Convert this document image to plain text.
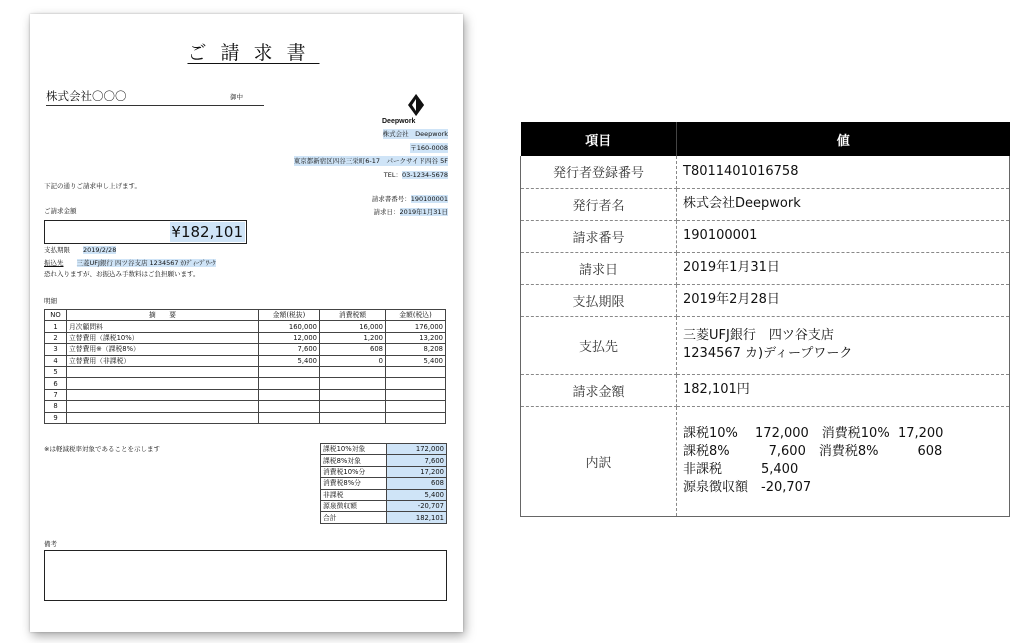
ご請求書
株式会社〇〇〇	御中
Deepwork
株式会社　Deepwork
〒160-0008
東京都新宿区四谷三栄町6-17　パークサイド四谷 5F
TEL：03-1234-5678
下記の通りご請求申し上げます。
請求書番号：190100001
請求日：2019年1月31日
ご請求金額
¥182,101
支払期限　　 2019/2/28
振込先　　 三菱UFJ銀行 四ツ谷支店 1234567 ｶ)ﾃﾞｨｰﾌﾟﾜｰｸ
恐れ入りますが、お振込み手数料はご負担願います。
明細
NO	摘　　要	金額(税抜)	消費税額	金額(税込)
1	月次顧問料	160,000	16,000	176,000
2	立替費用（課税10%）	12,000	1,200	13,200
3	立替費用※（課税8%）	7,600	608	8,208
4	立替費用（非課税）	5,400	0	5,400
5				
6				
7				
8				
9				
※は軽減税率対象であることを示します	課税10%対象	172,000
課税8%対象	7,600
消費税10%分	17,200
消費税8%分	608
非課税	5,400
源泉徴収額	-20,707
合計	182,101
備考
項目	値
発行者登録番号	T8011401016758
発行者名	株式会社Deepwork
請求番号	190100001
請求日	2019年1月31日
支払期限	2019年2月28日
支払先	三菱UFJ銀行　四ツ谷支店
1234567 カ)ディープワーク
請求金額	182,101円
内訳	課税10%　 172,000　消費税10%  17,200
課税8%　　　7,600　消費税8%　　　608
非課税　　　5,400
源泉徴収額　-20,707
